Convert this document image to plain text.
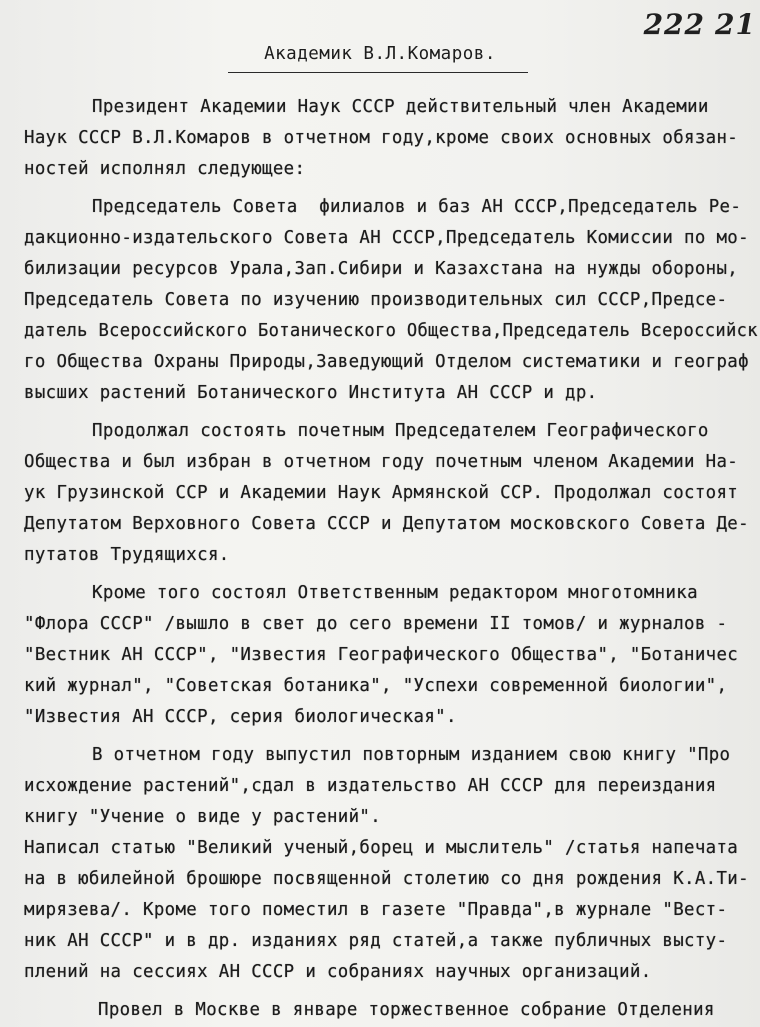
222 21
Академик В.Л.Комаров.
Президент Академии Наук СССР действительный член Академии
Наук СССР В.Л.Комаров в отчетном году,кроме своих основных обязан-
ностей исполнял следующее:
Председатель Совета  филиалов и баз АН СССР,Председатель Ре-
дакционно-издательского Совета АН СССР,Председатель Комиссии по мо-
билизации ресурсов Урала,Зап.Сибири и Казахстана на нужды обороны,
Председатель Совета по изучению производительных сил СССР,Предсе-
датель Всероссийского Ботанического Общества,Председатель Всероссийск
го Общества Охраны Природы,Заведующий Отделом систематики и географ
высших растений Ботанического Института АН СССР и др.
Продолжал состоять почетным Председателем Географического
Общества и был избран в отчетном году почетным членом Академии На-
ук Грузинской ССР и Академии Наук Армянской ССР. Продолжал состоят
Депутатом Верховного Совета СССР и Депутатом московского Совета Де-
путатов Трудящихся.
Кроме того состоял Ответственным редактором многотомника
"Флора СССР" /вышло в свет до сего времени II томов/ и журналов -
"Вестник АН СССР", "Известия Географического Общества", "Ботаничес
кий журнал", "Советская ботаника", "Успехи современной биологии",
"Известия АН СССР, серия биологическая".
В отчетном году выпустил повторным изданием свою книгу "Про
исхождение растений",сдал в издательство АН СССР для переиздания
книгу "Учение о виде у растений".
Написал статью "Великий ученый,борец и мыслитель" /статья напечата
на в юбилейной брошюре посвященной столетию со дня рождения К.А.Ти-
мирязева/. Кроме того поместил в газете "Правда",в журнале "Вест-
ник АН СССР" и в др. изданиях ряд статей,а также публичных высту-
плений на сессиях АН СССР и собраниях научных организаций.
Провел в Москве в январе торжественное собрание Отделения
